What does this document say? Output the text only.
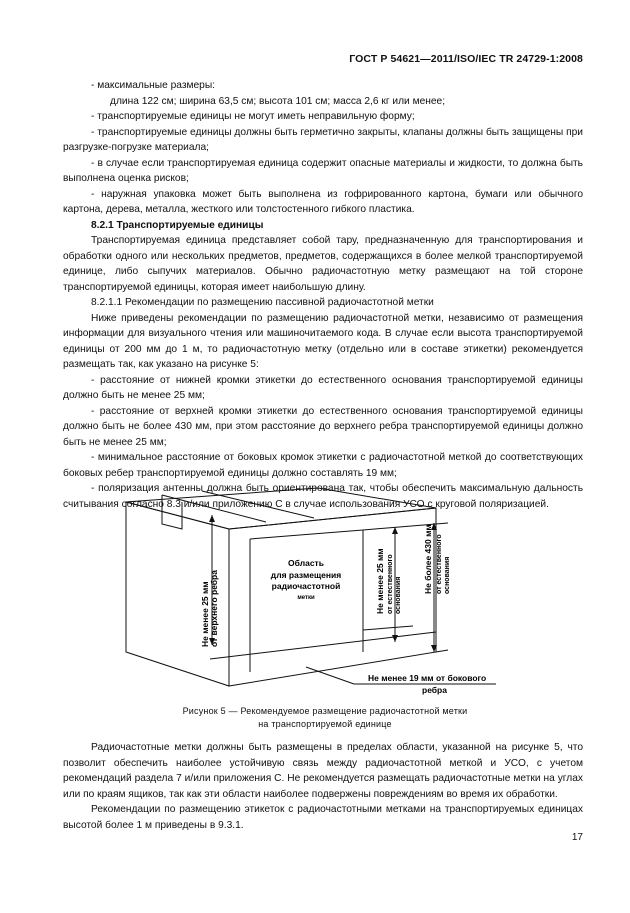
ГОСТ Р 54621—2011/ISO/IEC TR 24729-1:2008

- максимальные размеры:

длина 122 см; ширина 63,5 см; высота 101 см; масса 2,6 кг или менее;

- транспортируемые единицы не могут иметь неправильную форму;

- транспортируемые единицы должны быть герметично закрыты, клапаны должны быть защищены при разгрузке-погрузке материала;

- в случае если транспортируемая единица содержит опасные материалы и жидкости, то должна быть выполнена оценка рисков;

- наружная упаковка может быть выполнена из гофрированного картона, бумаги или обычного картона, дерева, металла, жесткого или толстостенного гибкого пластика.

8.2.1 Транспортируемые единицы

Транспортируемая единица представляет собой тару, предназначенную для транспортирования и обработки одного или нескольких предметов, предметов, содержащихся в более мелкой транспортируемой единице, либо сыпучих материалов. Обычно радиочастотную метку размещают на той стороне транспортируемой единицы, которая имеет наибольшую длину.

8.2.1.1 Рекомендации по размещению пассивной радиочастотной метки

Ниже приведены рекомендации по размещению радиочастотной метки, независимо от размещения информации для визуального чтения или машиночитаемого кода. В случае если высота транспортируемой единицы от 200 мм до 1 м, то радиочастотную метку (отдельно или в составе этикетки) рекомендуется размещать так, как указано на рисунке 5:

- расстояние от нижней кромки этикетки до естественного основания транспортируемой единицы должно быть не менее 25 мм;

- расстояние от верхней кромки этикетки до естественного основания транспортируемой единицы должно быть не более 430 мм, при этом расстояние до верхнего ребра транспортируемой единицы должно быть не менее 25 мм;

- минимальное расстояние от боковых кромок этикетки с радиочастотной меткой до соответствующих боковых ребер транспортируемой единицы должно составлять 19 мм;

- поляризация антенны должна быть ориентирована так, чтобы обеспечить максимальную дальность считывания согласно 8.3 и/или приложению С в случае использования УСО с круговой поляризацией.

Область
для размещения
радиочастотной
метки
Не менее 25 мм от верхнего ребра	Не менее 25 мм от естественного основания
Не более 430 мм от естественного основания
Не менее 19 мм от бокового
ребра
Рисунок 5 — Рекомендуемое размещение радиочастотной метки
на транспортируемой единице

Радиочастотные метки должны быть размещены в пределах области, указанной на рисунке 5, что позволит обеспечить наиболее устойчивую связь между радиочастотной меткой и УСО, с учетом рекомендаций раздела 7 и/или приложения С. Не рекомендуется размещать радиочастотные метки на углах или по краям ящиков, так как эти области наиболее подвержены повреждениям во время их обработки.

Рекомендации по размещению этикеток с радиочастотными метками на транспортируемых единицах высотой более 1 м приведены в 9.3.1.

17
